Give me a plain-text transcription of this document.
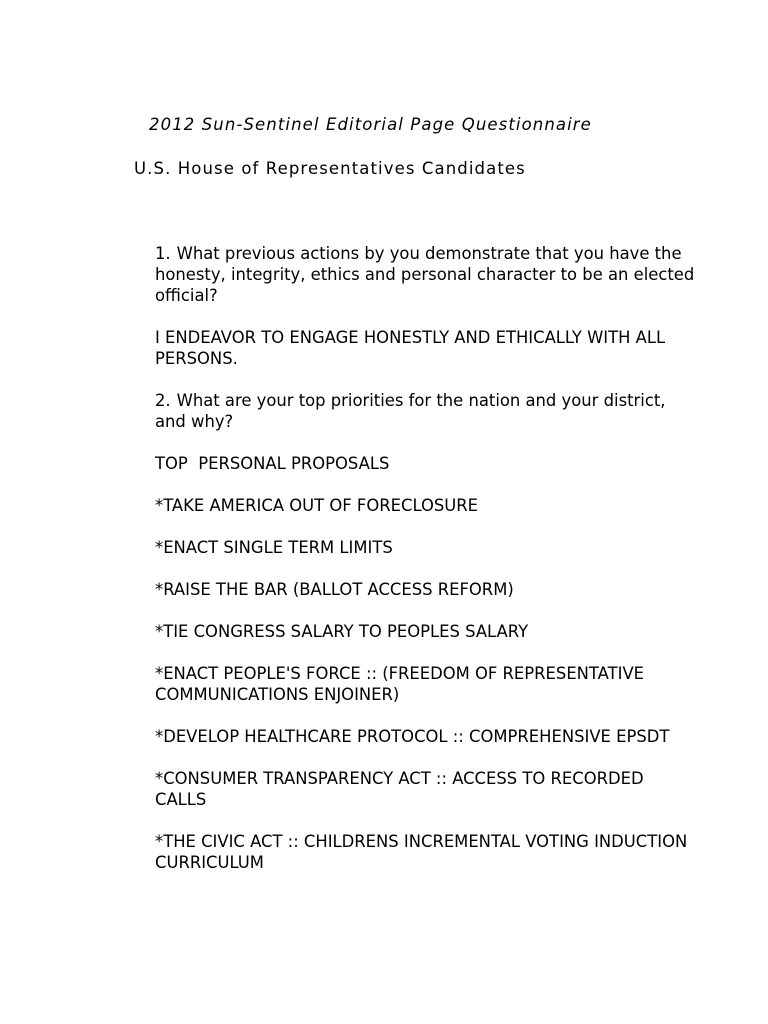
2012 Sun-Sentinel Editorial Page Questionnaire
U.S. House of Representatives Candidates

1. What previous actions by you demonstrate that you have the honesty, integrity, ethics and personal character to be an elected official?

I ENDEAVOR TO ENGAGE HONESTLY AND ETHICALLY WITH ALL PERSONS.

2. What are your top priorities for the nation and your district, and why?

TOP  PERSONAL PROPOSALS

*TAKE AMERICA OUT OF FORECLOSURE

*ENACT SINGLE TERM LIMITS

*RAISE THE BAR (BALLOT ACCESS REFORM)

*TIE CONGRESS SALARY TO PEOPLES SALARY

*ENACT PEOPLE'S FORCE :: (FREEDOM OF REPRESENTATIVE COMMUNICATIONS ENJOINER)

*DEVELOP HEALTHCARE PROTOCOL :: COMPREHENSIVE EPSDT

*CONSUMER TRANSPARENCY ACT :: ACCESS TO RECORDED CALLS

*THE CIVIC ACT :: CHILDRENS INCREMENTAL VOTING INDUCTION CURRICULUM
